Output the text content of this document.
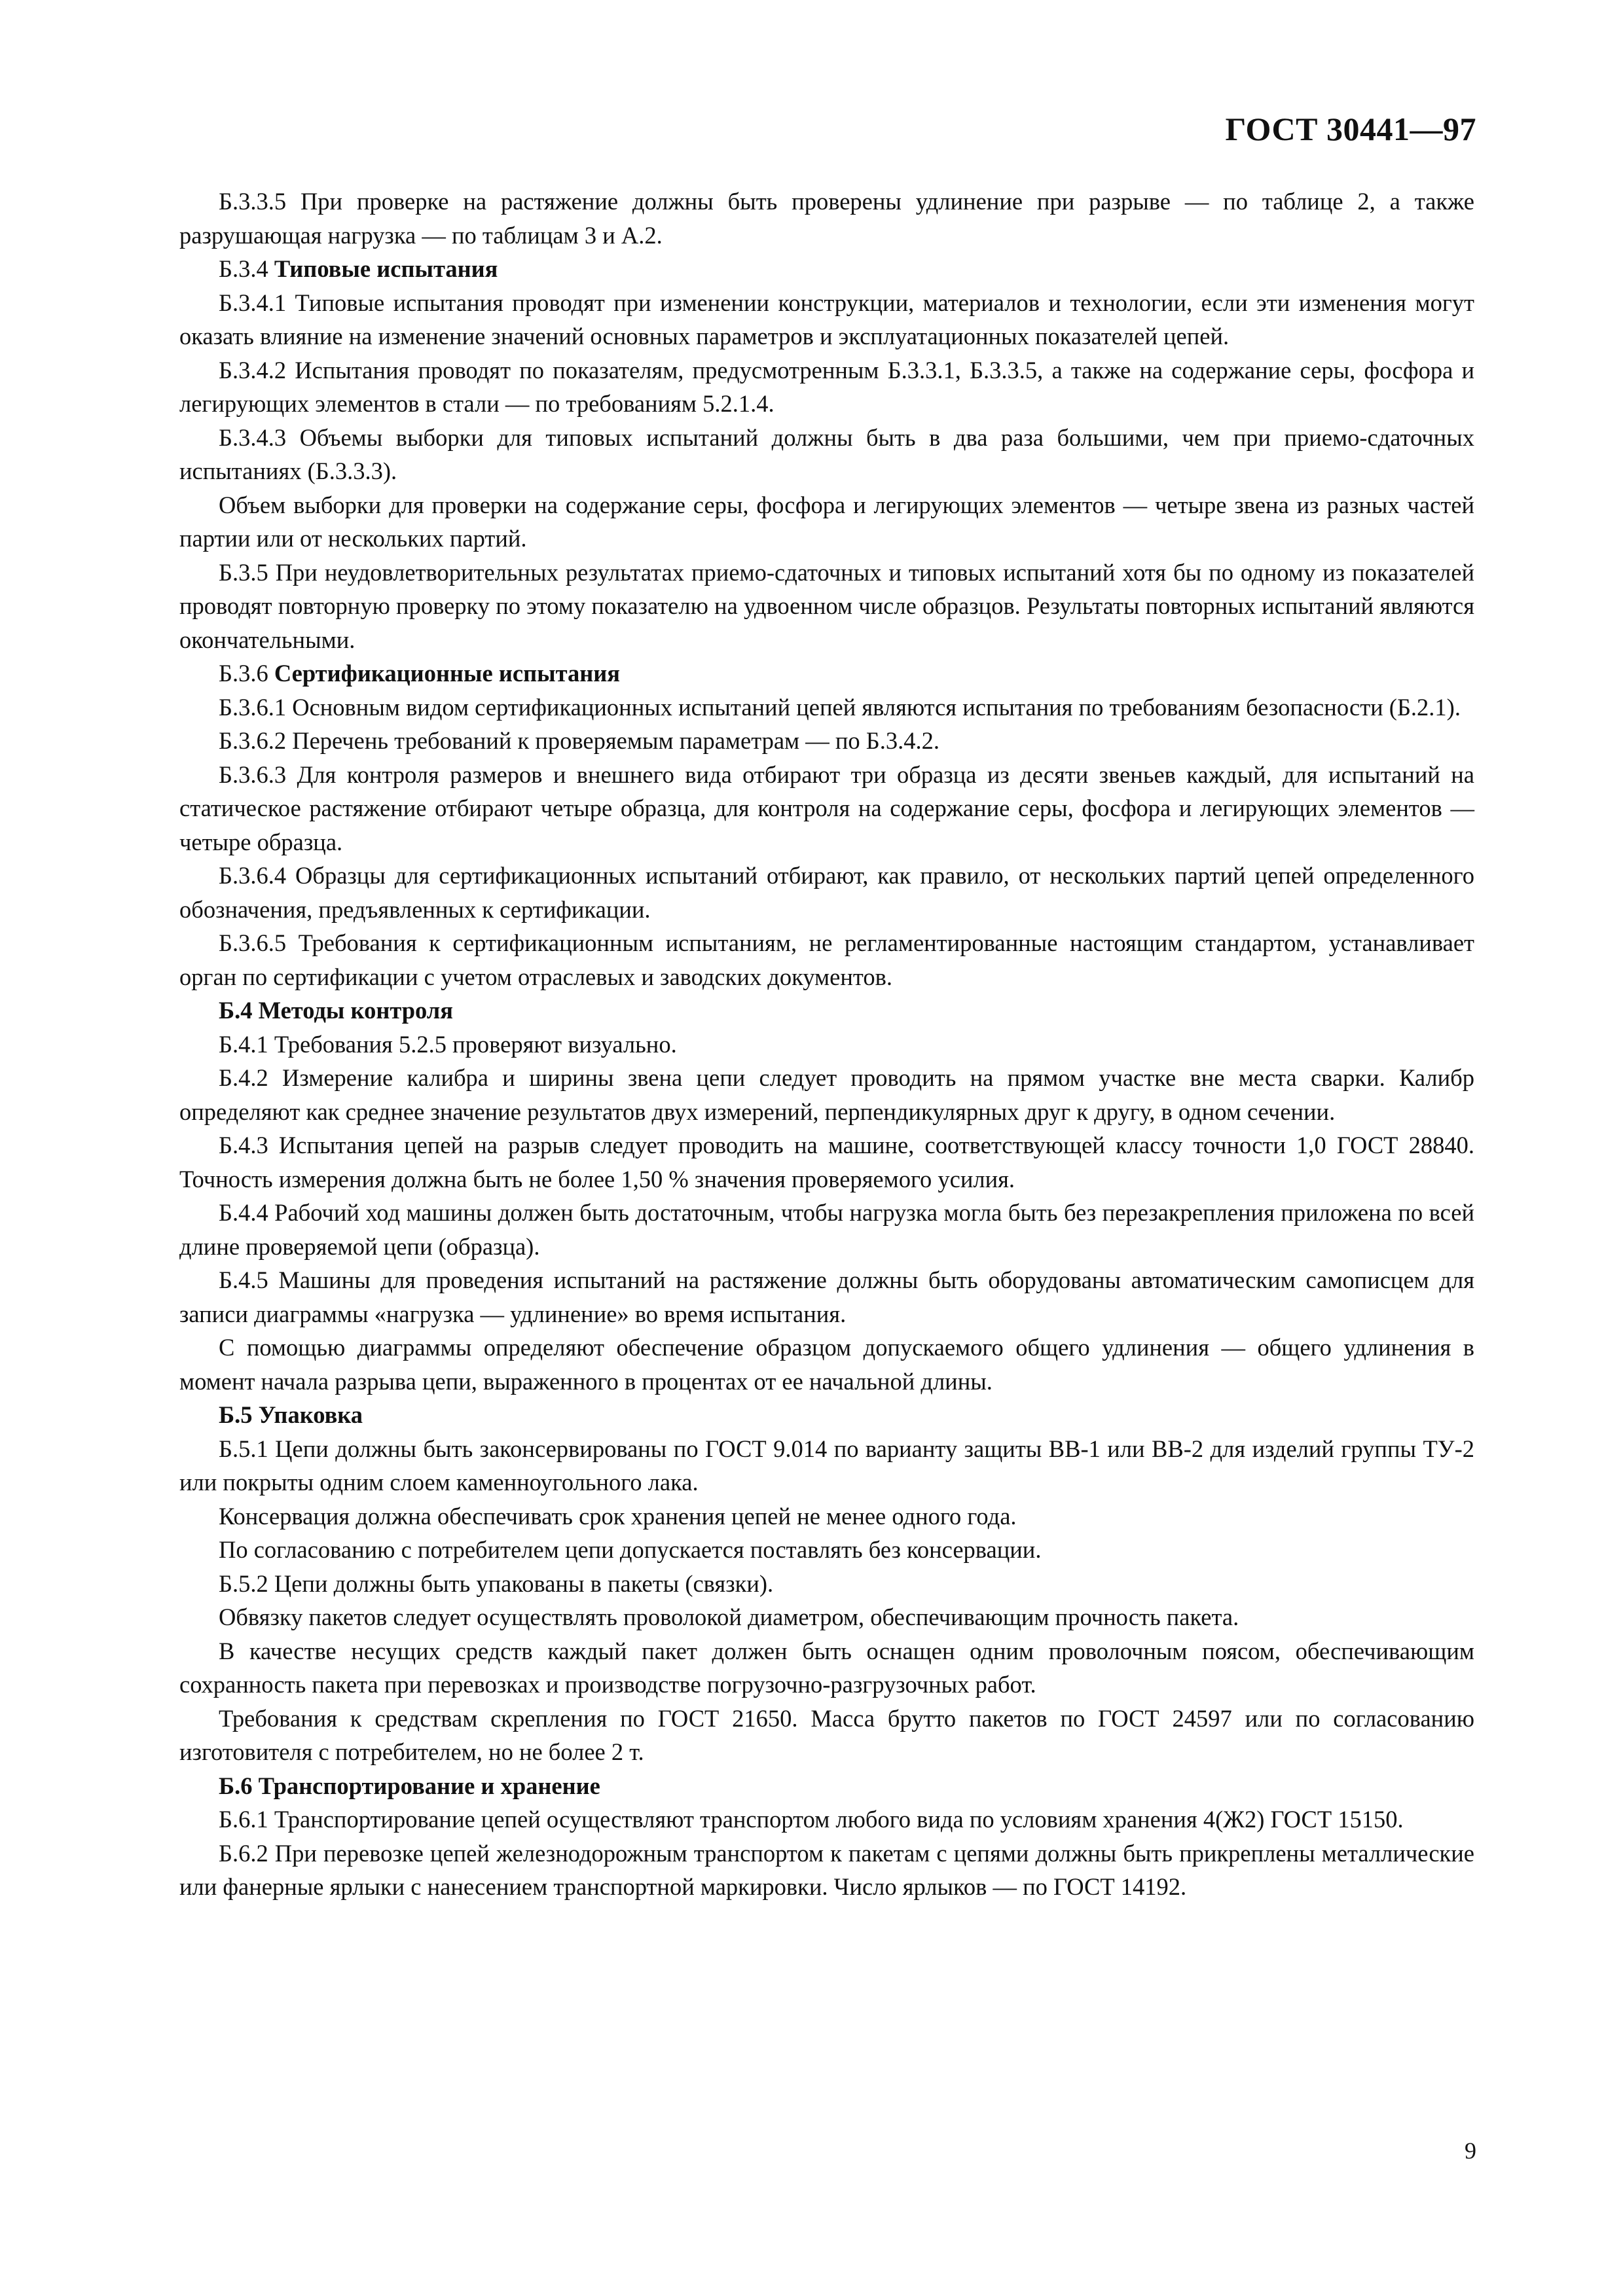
ГОСТ 30441—97

Б.3.3.5 При проверке на растяжение должны быть проверены удлинение при разрыве — по таблице 2, а также разрушающая нагрузка — по таблицам 3 и А.2.

Б.3.4 Типовые испытания

Б.3.4.1 Типовые испытания проводят при изменении конструкции, материалов и технологии, если эти изменения могут оказать влияние на изменение значений основных параметров и эксплуатационных показателей цепей.

Б.3.4.2 Испытания проводят по показателям, предусмотренным Б.3.3.1, Б.3.3.5, а также на содержание серы, фосфора и легирующих элементов в стали — по требованиям 5.2.1.4.

Б.3.4.3 Объемы выборки для типовых испытаний должны быть в два раза большими, чем при приемо-сдаточных испытаниях (Б.3.3.3).

Объем выборки для проверки на содержание серы, фосфора и легирующих элементов — четыре звена из разных частей партии или от нескольких партий.

Б.3.5 При неудовлетворительных результатах приемо-сдаточных и типовых испытаний хотя бы по одному из показателей проводят повторную проверку по этому показателю на удвоенном числе образцов. Результаты повторных испытаний являются окончательными.

Б.3.6 Сертификационные испытания

Б.3.6.1 Основным видом сертификационных испытаний цепей являются испытания по требованиям безопасности (Б.2.1).

Б.3.6.2 Перечень требований к проверяемым параметрам — по Б.3.4.2.

Б.3.6.3 Для контроля размеров и внешнего вида отбирают три образца из десяти звеньев каждый, для испытаний на статическое растяжение отбирают четыре образца, для контроля на содержание серы, фосфора и легирующих элементов — четыре образца.

Б.3.6.4 Образцы для сертификационных испытаний отбирают, как правило, от нескольких партий цепей определенного обозначения, предъявленных к сертификации.

Б.3.6.5 Требования к сертификационным испытаниям, не регламентированные настоящим стандартом, устанавливает орган по сертификации с учетом отраслевых и заводских документов.

Б.4 Методы контроля

Б.4.1 Требования 5.2.5 проверяют визуально.

Б.4.2 Измерение калибра и ширины звена цепи следует проводить на прямом участке вне места сварки. Калибр определяют как среднее значение результатов двух измерений, перпендикулярных друг к другу, в одном сечении.

Б.4.3 Испытания цепей на разрыв следует проводить на машине, соответствующей классу точности 1,0 ГОСТ 28840. Точность измерения должна быть не более 1,50 % значения проверяемого усилия.

Б.4.4 Рабочий ход машины должен быть достаточным, чтобы нагрузка могла быть без перезакрепления приложена по всей длине проверяемой цепи (образца).

Б.4.5 Машины для проведения испытаний на растяжение должны быть оборудованы автоматическим самописцем для записи диаграммы «нагрузка — удлинение» во время испытания.

С помощью диаграммы определяют обеспечение образцом допускаемого общего удлинения — общего удлинения в момент начала разрыва цепи, выраженного в процентах от ее начальной длины.

Б.5 Упаковка

Б.5.1 Цепи должны быть законсервированы по ГОСТ 9.014 по варианту защиты ВВ-1 или ВВ-2 для изделий группы ТУ-2 или покрыты одним слоем каменноугольного лака.

Консервация должна обеспечивать срок хранения цепей не менее одного года.

По согласованию с потребителем цепи допускается поставлять без консервации.

Б.5.2 Цепи должны быть упакованы в пакеты (связки).

Обвязку пакетов следует осуществлять проволокой диаметром, обеспечивающим прочность пакета.

В качестве несущих средств каждый пакет должен быть оснащен одним проволочным поясом, обеспечивающим сохранность пакета при перевозках и производстве погрузочно-разгрузочных работ.

Требования к средствам скрепления по ГОСТ 21650. Масса брутто пакетов по ГОСТ 24597 или по согласованию изготовителя с потребителем, но не более 2 т.

Б.6 Транспортирование и хранение

Б.6.1 Транспортирование цепей осуществляют транспортом любого вида по условиям хранения 4(Ж2) ГОСТ 15150.

Б.6.2 При перевозке цепей железнодорожным транспортом к пакетам с цепями должны быть прикреплены металлические или фанерные ярлыки с нанесением транспортной маркировки. Число ярлыков — по ГОСТ 14192.

9
